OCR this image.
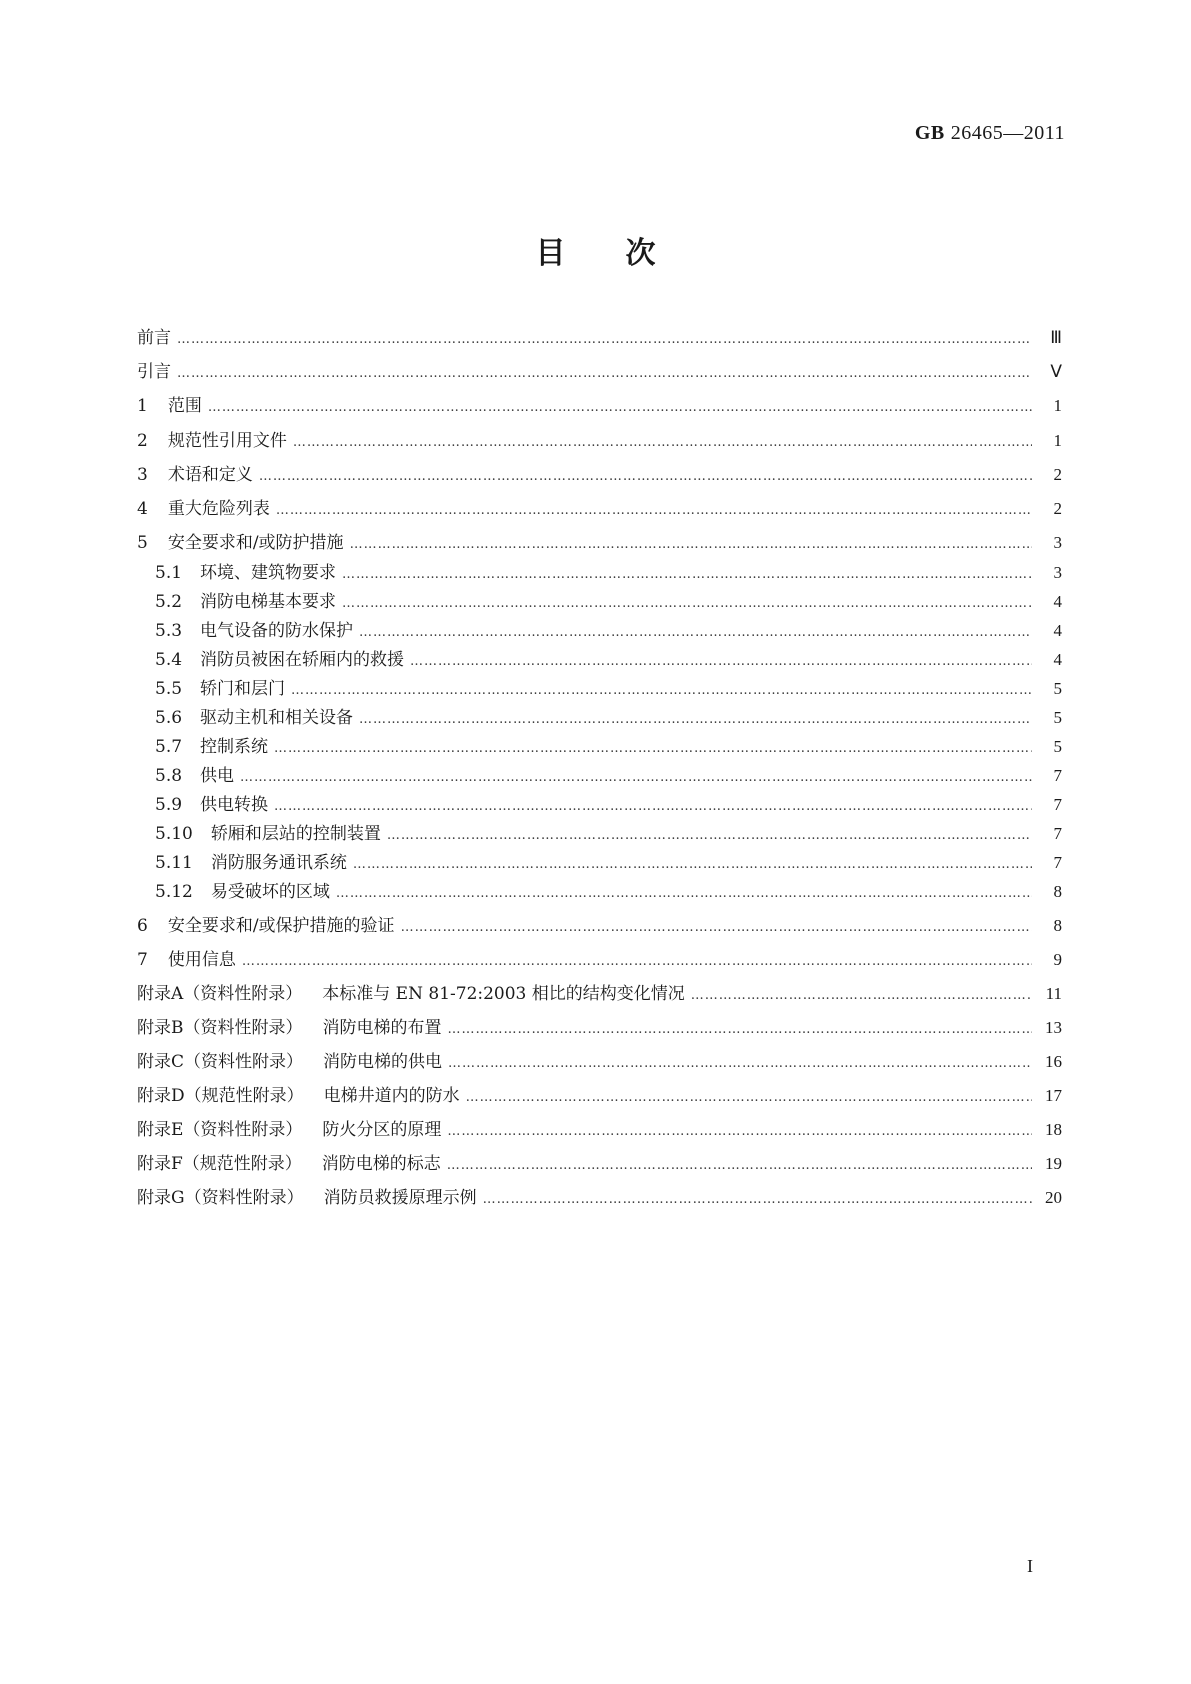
GB 26465—2011
目　　次
前言 ………………………………………………………………………………………………………………………………………………………………………………………………………………	Ⅲ
引言 ………………………………………………………………………………………………………………………………………………………………………………………………………………	Ⅴ
1 范围 ………………………………………………………………………………………………………………………………………………………………………………………………………………	1
2 规范性引用文件 ………………………………………………………………………………………………………………………………………………………………………………………………………………	1
3 术语和定义 ………………………………………………………………………………………………………………………………………………………………………………………………………………	2
4 重大危险列表 ………………………………………………………………………………………………………………………………………………………………………………………………………………	2
5 安全要求和/或防护措施 ………………………………………………………………………………………………………………………………………………………………………………………………………………	3
5.1 环境、建筑物要求 ………………………………………………………………………………………………………………………………………………………………………………………………………………	3
5.2 消防电梯基本要求 ………………………………………………………………………………………………………………………………………………………………………………………………………………	4
5.3 电气设备的防水保护 ………………………………………………………………………………………………………………………………………………………………………………………………………………	4
5.4 消防员被困在轿厢内的救援 ………………………………………………………………………………………………………………………………………………………………………………………………………………	4
5.5 轿门和层门 ………………………………………………………………………………………………………………………………………………………………………………………………………………	5
5.6 驱动主机和相关设备 ………………………………………………………………………………………………………………………………………………………………………………………………………………	5
5.7 控制系统 ………………………………………………………………………………………………………………………………………………………………………………………………………………	5
5.8 供电 ………………………………………………………………………………………………………………………………………………………………………………………………………………	7
5.9 供电转换 ………………………………………………………………………………………………………………………………………………………………………………………………………………	7
5.10 轿厢和层站的控制装置 ………………………………………………………………………………………………………………………………………………………………………………………………………………	7
5.11 消防服务通讯系统 ………………………………………………………………………………………………………………………………………………………………………………………………………………	7
5.12 易受破坏的区域 ………………………………………………………………………………………………………………………………………………………………………………………………………………	8
6 安全要求和/或保护措施的验证 ………………………………………………………………………………………………………………………………………………………………………………………………………………	8
7 使用信息 ………………………………………………………………………………………………………………………………………………………………………………………………………………	9
附录A（资料性附录） 本标准与 EN 81-72:2003 相比的结构变化情况 ………………………………………………………………………………………………………………………………………………………………………………………………………………	11
附录B（资料性附录） 消防电梯的布置 ………………………………………………………………………………………………………………………………………………………………………………………………………………	13
附录C（资料性附录） 消防电梯的供电 ………………………………………………………………………………………………………………………………………………………………………………………………………………	16
附录D（规范性附录） 电梯井道内的防水 ………………………………………………………………………………………………………………………………………………………………………………………………………………	17
附录E（资料性附录） 防火分区的原理 ………………………………………………………………………………………………………………………………………………………………………………………………………………	18
附录F（规范性附录） 消防电梯的标志 ………………………………………………………………………………………………………………………………………………………………………………………………………………	19
附录G（资料性附录） 消防员救援原理示例 ………………………………………………………………………………………………………………………………………………………………………………………………………………	20
I
